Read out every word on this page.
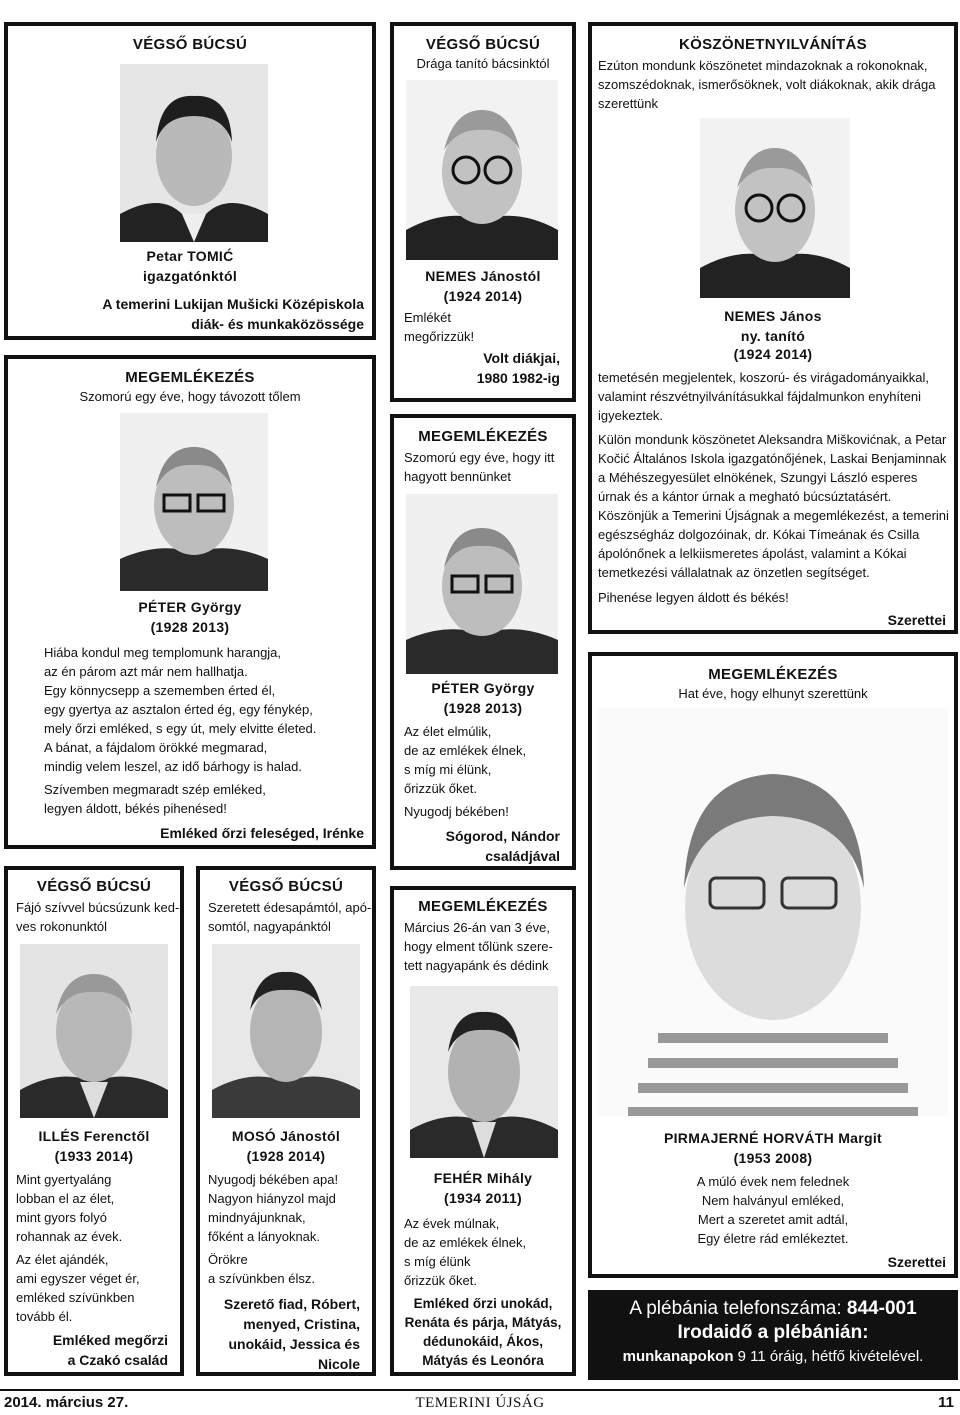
VÉGSŐ BÚCSÚ
Petar TOMIĆ
igazgatónktól
A temerini Lukijan Mušicki Középiskola
diák- és munkaközössége
MEGEMLÉKEZÉS
Szomorú egy éve, hogy távozott tőlem
PÉTER György
(1928 2013)
Hiába kondul meg templomunk harangja,
az én párom azt már nem hallhatja.
Egy könnycsepp a szememben érted él,
egy gyertya az asztalon érted ég, egy fénykép,
mely őrzi emléked, s egy út, mely elvitte életed.
A bánat, a fájdalom örökké megmarad,
mindig velem leszel, az idő bárhogy is halad.
Szívemben megmaradt szép emléked,
legyen áldott, békés pihenésed!
Emléked őrzi feleséged, Irénke
VÉGSŐ BÚCSÚ
Drága tanító bácsinktól
NEMES Jánostól
(1924 2014)
Emlékét
megőrizzük!
Volt diákjai,
1980 1982-ig
KÖSZÖNETNYILVÁNÍTÁS
Ezúton mondunk köszönetet mindazoknak a rokonoknak, szomszédoknak, ismerősöknek, volt diákoknak, akik drága szerettünk
NEMES János
ny. tanító
(1924 2014)
temetésén megjelentek, koszorú- és virágadományaikkal, valamint részvétnyilvánításukkal fájdalmunkon enyhíteni igyekeztek.
Külön mondunk köszönetet Aleksandra Miškovićnak, a Petar Kočić Általános Iskola igazgatónőjének, Laskai Benjaminnak a Méhészegyesület elnökének, Szungyi László esperes úrnak és a kántor úrnak a megható búcsúztatásért. Köszönjük a Temerini Újságnak a megemlékezést, a temerini egészségház dolgozóinak, dr. Kókai Tímeának és Csilla ápolónőnek a lelkiismeretes ápolást, valamint a Kókai temetkezési vállalatnak az önzetlen segítséget.
Pihenése legyen áldott és békés!
Szerettei
MEGEMLÉKEZÉS
Szomorú egy éve, hogy itt
hagyott bennünket
PÉTER György
(1928 2013)
Az élet elmúlik,
de az emlékek élnek,
s míg mi élünk,
őrizzük őket.
Nyugodj békében!
Sógorod, Nándor
családjával
MEGEMLÉKEZÉS
Hat éve, hogy elhunyt szerettünk
PIRMAJERNÉ HORVÁTH Margit
(1953 2008)
A múló évek nem felednek
Nem halványul emléked,
Mert a szeretet amit adtál,
Egy életre rád emlékeztet.
Szerettei
VÉGSŐ BÚCSÚ
Fájó szívvel búcsúzunk ked-
ves rokonunktól
ILLÉS Ferenctől
(1933 2014)
Mint gyertyaláng
lobban el az élet,
mint gyors folyó
rohannak az évek.
Az élet ajándék,
ami egyszer véget ér,
emléked szívünkben
tovább él.
Emléked megőrzi
a Czakó család
VÉGSŐ BÚCSÚ
Szeretett édesapámtól, apó-
somtól, nagyapánktól
MOSÓ Jánostól
(1928 2014)
Nyugodj békében apa!
Nagyon hiányzol majd
mindnyájunknak,
főként a lányoknak.
Örökre
a szívünkben élsz.
Szerető fiad, Róbert,
menyed, Cristina,
unokáid, Jessica és
Nicole
MEGEMLÉKEZÉS
Március 26-án van 3 éve,
hogy elment tőlünk szere-
tett nagyapánk és dédink
FEHÉR Mihály
(1934 2011)
Az évek múlnak,
de az emlékek élnek,
s míg élünk
őrizzük őket.
Emléked őrzi unokád,
Renáta és párja, Mátyás,
dédunokáid, Ákos,
Mátyás és Leonóra
A plébánia telefonszáma: 844-001
Irodaidő a plébánián:
munkanapokon 9 11 óráig, hétfő kivételével.
2014. március 27.	TEMERINI ÚJSÁG	11
